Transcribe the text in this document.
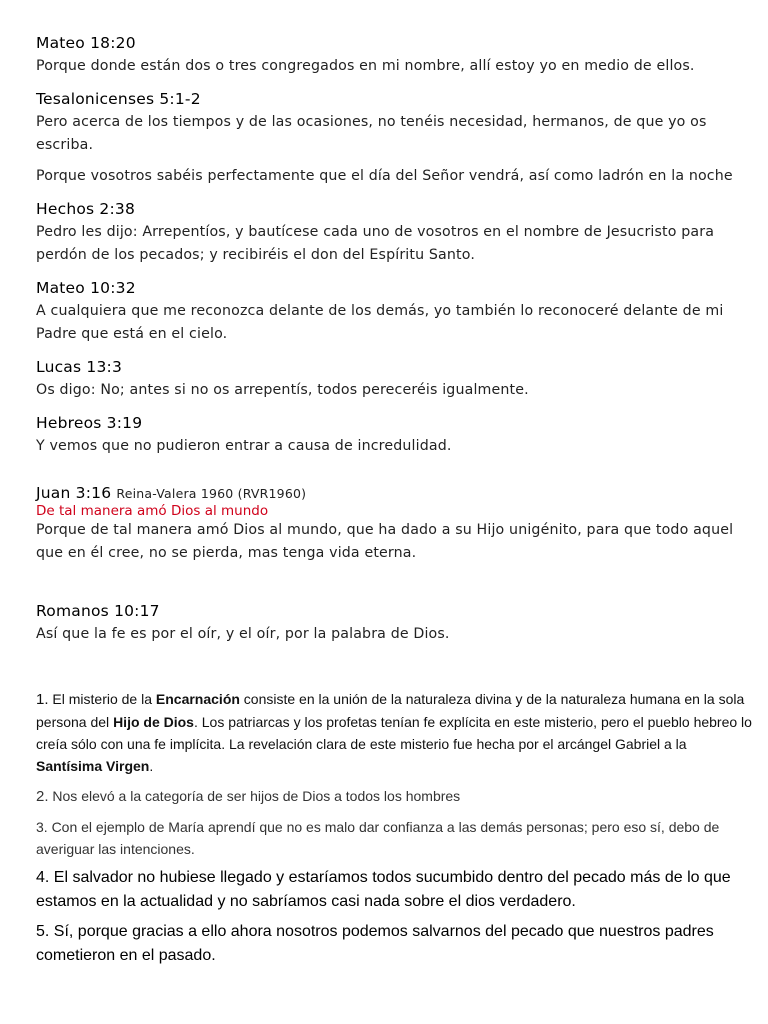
Mateo 18:20

Porque donde están dos o tres congregados en mi nombre, allí estoy yo en medio de ellos.

Tesalonicenses 5:1-2

Pero acerca de los tiempos y de las ocasiones, no tenéis necesidad, hermanos, de que yo os escriba.

Porque vosotros sabéis perfectamente que el día del Señor vendrá, así como ladrón en la noche

Hechos 2:38

Pedro les dijo: Arrepentíos, y bautícese cada uno de vosotros en el nombre de Jesucristo para perdón de los pecados; y recibiréis el don del Espíritu Santo.

Mateo 10:32

A cualquiera que me reconozca delante de los demás, yo también lo reconoceré delante de mi Padre que está en el cielo.

Lucas 13:3

Os digo: No; antes si no os arrepentís, todos pereceréis igualmente.

Hebreos 3:19

Y vemos que no pudieron entrar a causa de incredulidad.

Juan 3:16 Reina-Valera 1960 (RVR1960)

De tal manera amó Dios al mundo

Porque de tal manera amó Dios al mundo, que ha dado a su Hijo unigénito, para que todo aquel que en él cree, no se pierda, mas tenga vida eterna.

Romanos 10:17

Así que la fe es por el oír, y el oír, por la palabra de Dios.

1. El misterio de la Encarnación consiste en la unión de la naturaleza divina y de la naturaleza humana en la sola persona del Hijo de Dios. Los patriarcas y los profetas tenían fe explícita en este misterio, pero el pueblo hebreo lo creía sólo con una fe implícita. La revelación clara de este misterio fue hecha por el arcángel Gabriel a la Santísima Virgen.

2. Nos elevó a la categoría de ser hijos de Dios a todos los hombres

3. Con el ejemplo de María aprendí que no es malo dar confianza a las demás personas; pero eso sí, debo de averiguar las intenciones.

4. El salvador no hubiese llegado y estaríamos todos sucumbido dentro del pecado más de lo que estamos en la actualidad y no sabríamos casi nada sobre el dios verdadero.

5. Sí, porque gracias a ello ahora nosotros podemos salvarnos del pecado que nuestros padres cometieron en el pasado.
